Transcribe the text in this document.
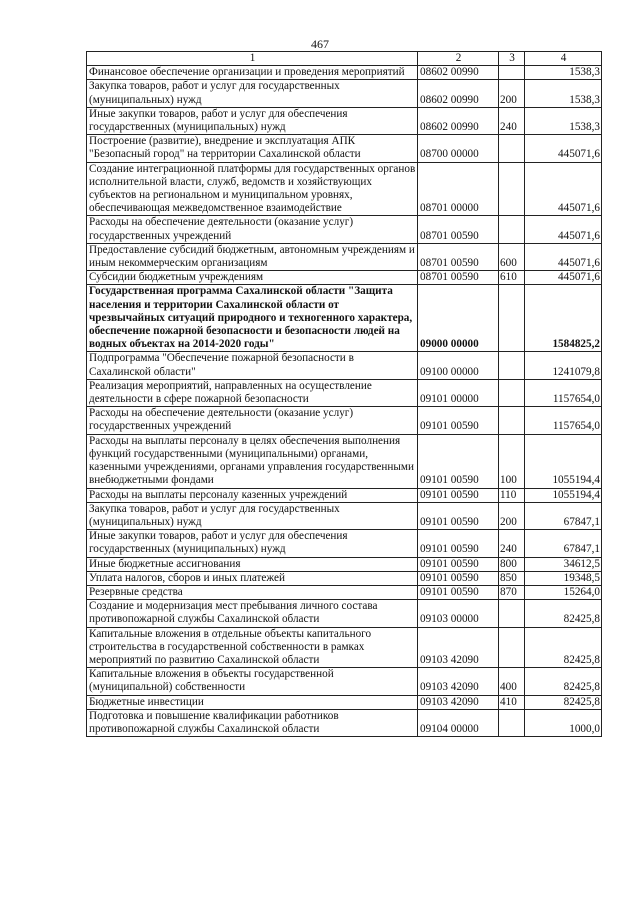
467
1	2	3	4
Финансовое обеспечение организации и проведения мероприятий	08602 00990		1538,3
Закупка товаров, работ и услуг для государственных (муниципальных) нужд	08602 00990	200	1538,3
Иные закупки товаров, работ и услуг для обеспечения государственных (муниципальных) нужд	08602 00990	240	1538,3
Построение (развитие), внедрение и эксплуатация АПК "Безопасный город" на территории Сахалинской области	08700 00000		445071,6
Создание интеграционной платформы для государственных органов исполнительной власти, служб, ведомств и хозяйствующих субъектов на региональном и муниципальном уровнях, обеспечивающая межведомственное взаимодействие	08701 00000		445071,6
Расходы на обеспечение деятельности (оказание услуг) государственных учреждений	08701 00590		445071,6
Предоставление субсидий бюджетным, автономным учреждениям и иным некоммерческим организациям	08701 00590	600	445071,6
Субсидии бюджетным учреждениям	08701 00590	610	445071,6
Государственная программа Сахалинской области "Защита населения и территории Сахалинской области от чрезвычайных ситуаций природного и техногенного характера, обеспечение пожарной безопасности и безопасности людей на водных объектах на 2014-2020 годы"	09000 00000		1584825,2
Подпрограмма "Обеспечение пожарной безопасности в Сахалинской области"	09100 00000		1241079,8
Реализация мероприятий, направленных на осуществление деятельности в сфере пожарной безопасности	09101 00000		1157654,0
Расходы на обеспечение деятельности (оказание услуг) государственных учреждений	09101 00590		1157654,0
Расходы на выплаты персоналу в целях обеспечения выполнения функций государственными (муниципальными) органами, казенными учреждениями, органами управления государственными внебюджетными фондами	09101 00590	100	1055194,4
Расходы на выплаты персоналу казенных учреждений	09101 00590	110	1055194,4
Закупка товаров, работ и услуг для государственных (муниципальных) нужд	09101 00590	200	67847,1
Иные закупки товаров, работ и услуг для обеспечения государственных (муниципальных) нужд	09101 00590	240	67847,1
Иные бюджетные ассигнования	09101 00590	800	34612,5
Уплата налогов, сборов и иных платежей	09101 00590	850	19348,5
Резервные средства	09101 00590	870	15264,0
Создание и модернизация мест пребывания личного состава противопожарной службы Сахалинской области	09103 00000		82425,8
Капитальные вложения в отдельные объекты капитального строительства в государственной собственности в рамках мероприятий по развитию Сахалинской области	09103 42090		82425,8
Капитальные вложения в объекты государственной (муниципальной) собственности	09103 42090	400	82425,8
Бюджетные инвестиции	09103 42090	410	82425,8
Подготовка и повышение квалификации работников противопожарной службы Сахалинской области	09104 00000		1000,0
